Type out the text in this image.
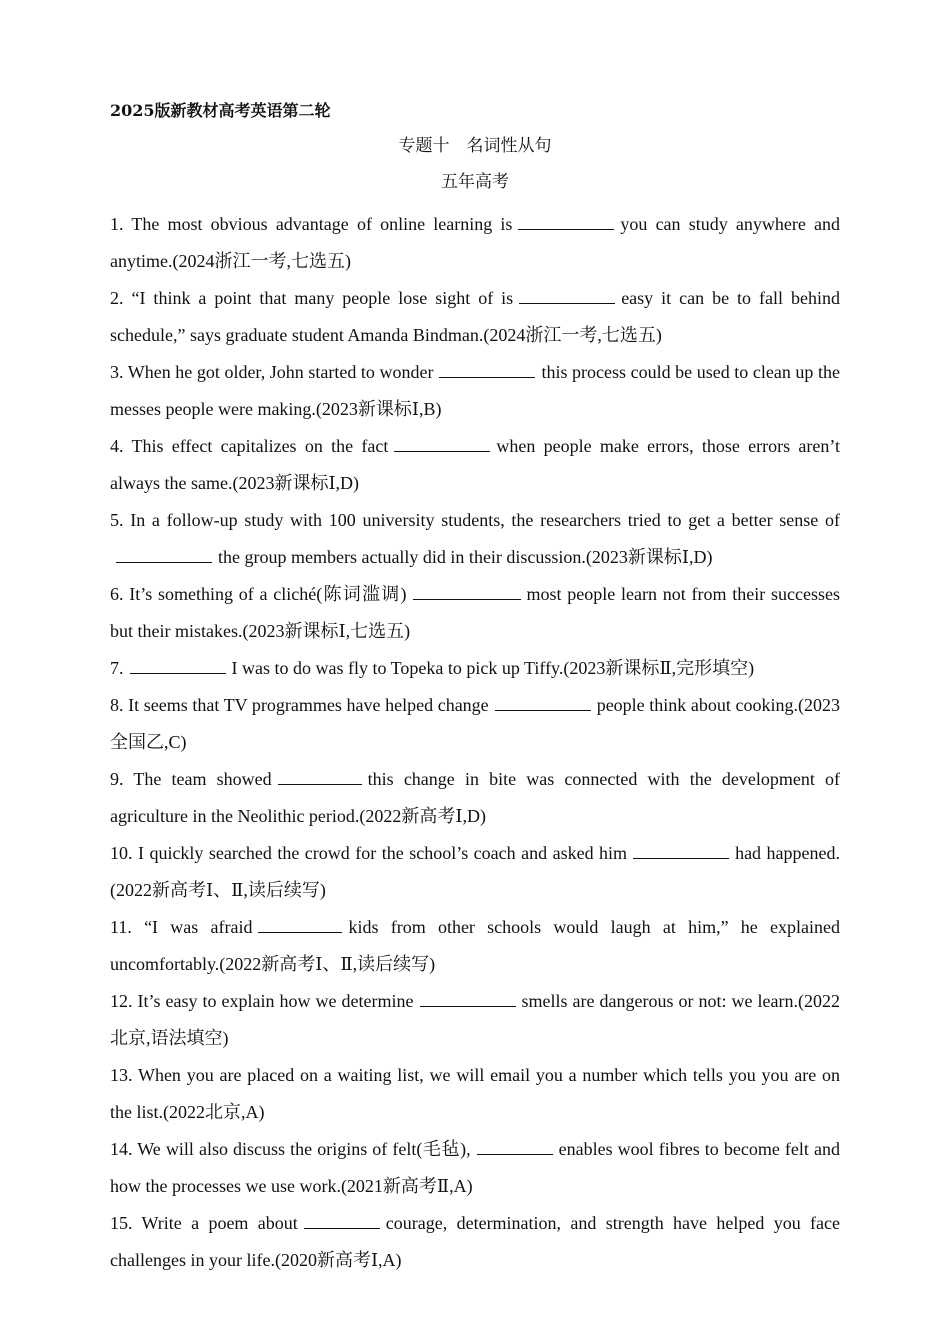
2025版新教材高考英语第二轮
专题十　名词性从句
五年高考

1. The most obvious advantage of online learning is	you can study anywhere and anytime.(2024浙江一考,七选五)

2. “I think a point that many people lose sight of is	easy it can be to fall behind schedule,” says graduate student Amanda Bindman.(2024浙江一考,七选五)

3. When he got older, John started to wonder	this process could be used to clean up the messes people were making.(2023新课标Ⅰ,B)

4. This effect capitalizes on the fact	when people make errors, those errors aren’t always the same.(2023新课标Ⅰ,D)

5. In a follow-up study with 100 university students, the researchers tried to get a better sense ofthe group members actually did in their discussion.(2023新课标Ⅰ,D)

6. It’s something of a cliché(陈词滥调)	most people learn not from their successes but their mistakes.(2023新课标Ⅰ,七选五)

7.	I was to do was fly to Topeka to pick up Tiffy.(2023新课标Ⅱ,完形填空)

8. It seems that TV programmes have helped change	people think about cooking.(2023全国乙,C)

9. The team showed	this change in bite was connected with the development of agriculture in the Neolithic period.(2022新高考Ⅰ,D)

10. I quickly searched the crowd for the school’s coach and asked him	had happened.(2022新高考Ⅰ、Ⅱ,读后续写)

11. “I was afraid	kids from other schools would laugh at him,” he explained uncomfortably.(2022新高考Ⅰ、Ⅱ,读后续写)

12. It’s easy to explain how we determine	smells are dangerous or not: we learn.(2022北京,语法填空)

13. When you are placed on a waiting list, we will email you a number which tells you you are on the list.(2022北京,A)

14. We will also discuss the origins of felt(毛毡),	enables wool fibres to become felt and how the processes we use work.(2021新高考Ⅱ,A)

15. Write a poem about	courage, determination, and strength have helped you face challenges in your life.(2020新高考Ⅰ,A)
